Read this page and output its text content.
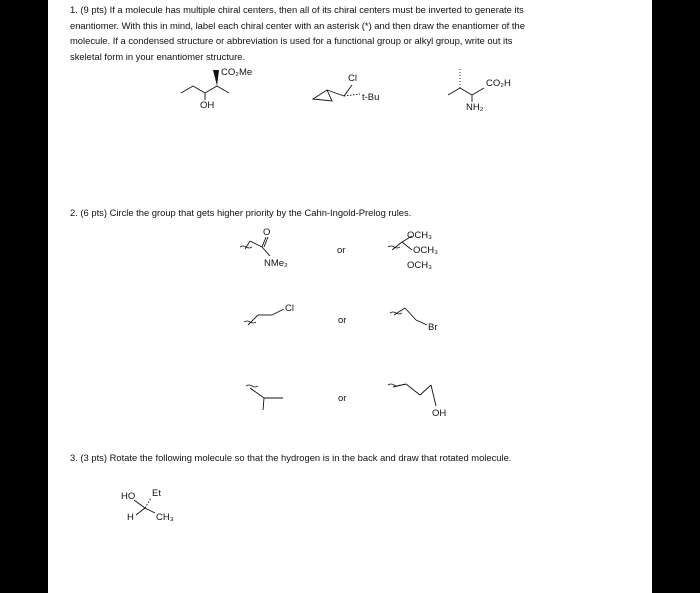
1. (9 pts) If a molecule has multiple chiral centers, then all of its chiral centers must be inverted to generate its enantiomer. With this in mind, label each chiral center with an asterisk (*) and then draw the enantiomer of the molecule. If a condensed structure or abbreviation is used for a functional group or alkyl group, write out its skeletal form in your enantiomer structure.
2. (6 pts) Circle the group that gets higher priority by the Cahn-Ingold-Prelog rules.
3. (3 pts) Rotate the following molecule so that the hydrogen is in the back and draw that rotated molecule.
CO₂Me
OH
Cl
t-Bu
CO₂H
NH₂
O
NMe₂
or
OCH₃
OCH₃
OCH₃
Cl
or
Br
or
OH
HO Et
H CH₃
